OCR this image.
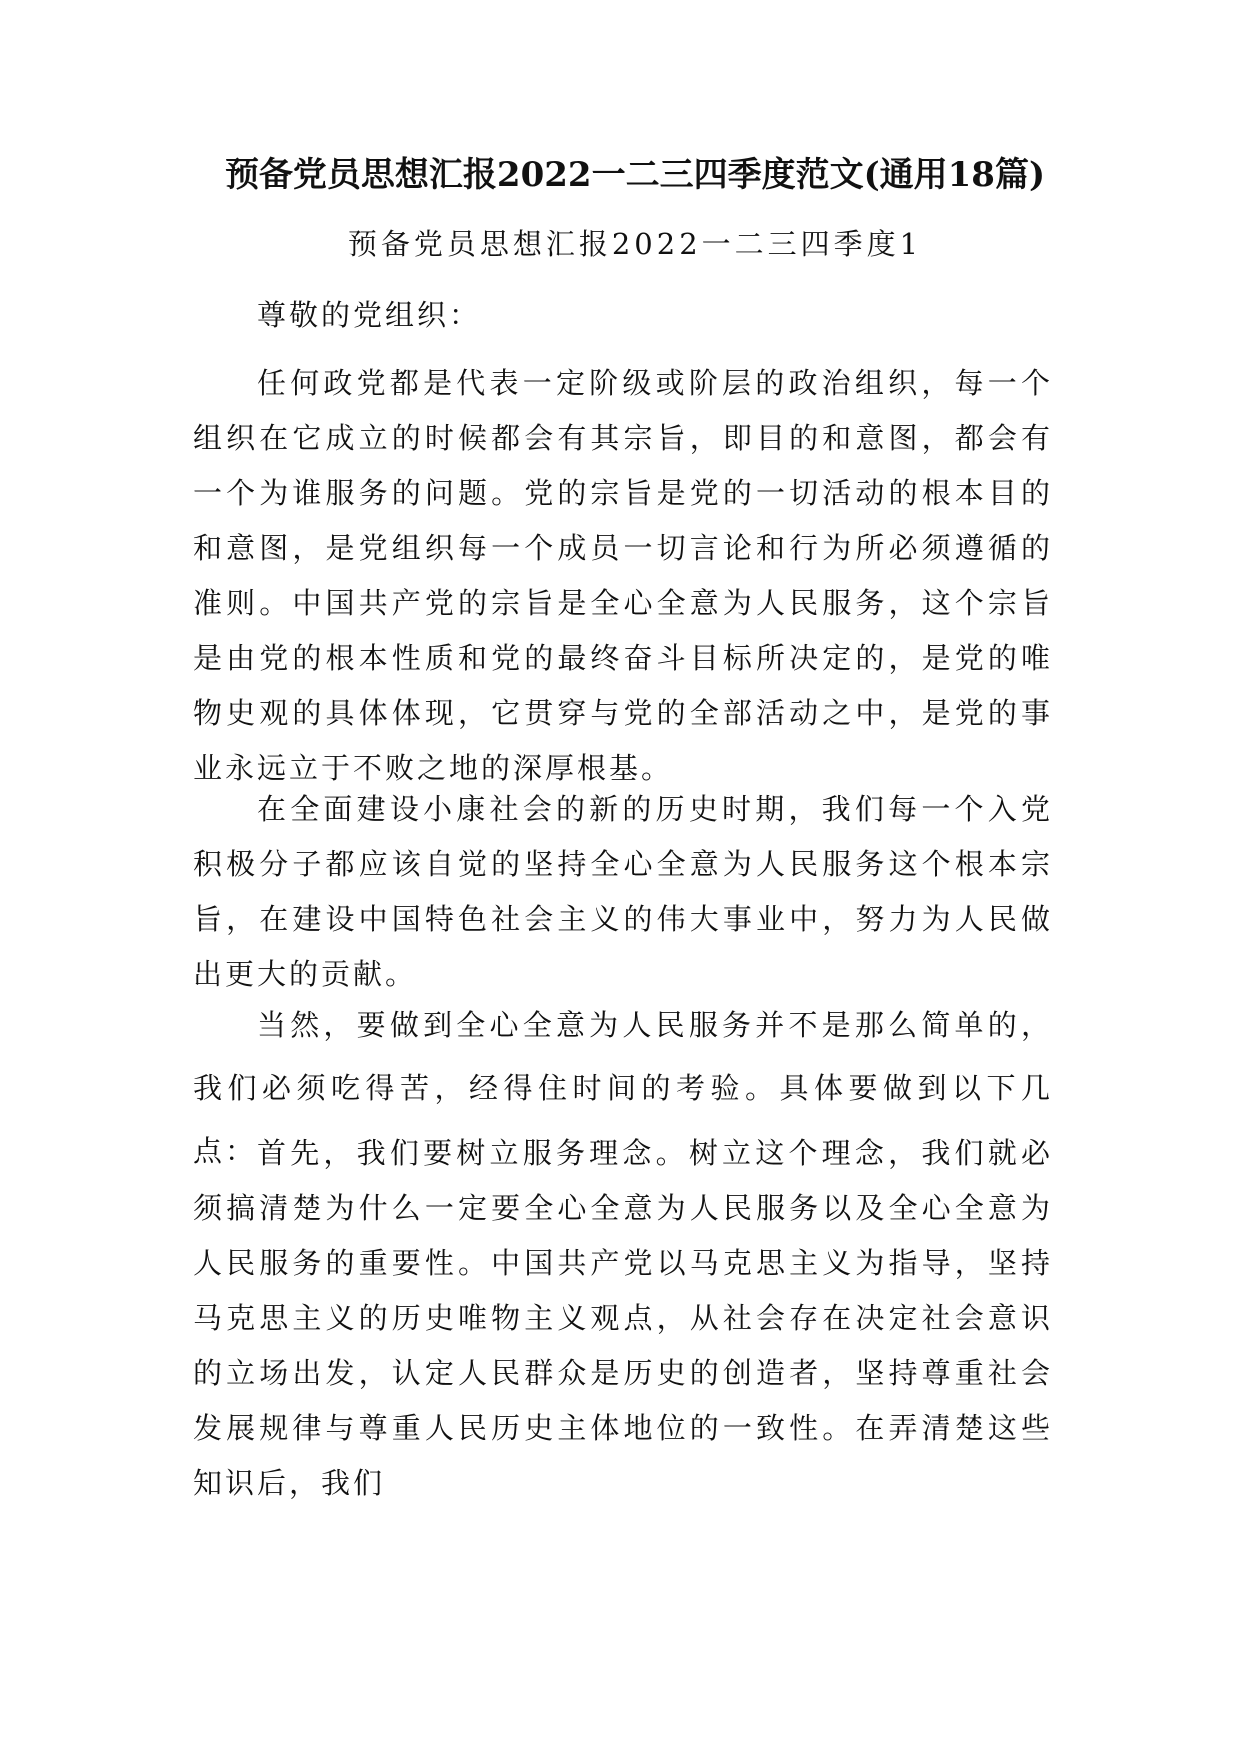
预备党员思想汇报2022一二三四季度范文(通用18篇)
预备党员思想汇报2022一二三四季度1

尊敬的党组织：

任何政党都是代表一定阶级或阶层的政治组织，每一个组织在它成立的时候都会有其宗旨，即目的和意图，都会有一个为谁服务的问题。党的宗旨是党的一切活动的根本目的和意图，是党组织每一个成员一切言论和行为所必须遵循的准则。中国共产党的宗旨是全心全意为人民服务，这个宗旨是由党的根本性质和党的最终奋斗目标所决定的，是党的唯物史观的具体体现，它贯穿与党的全部活动之中，是党的事业永远立于不败之地的深厚根基。

在全面建设小康社会的新的历史时期，我们每一个入党积极分子都应该自觉的坚持全心全意为人民服务这个根本宗旨，在建设中国特色社会主义的伟大事业中，努力为人民做出更大的贡献。

当然，要做到全心全意为人民服务并不是那么简单的，我们必须吃得苦，经得住时间的考验。具体要做到以下几点： 首先，我们要树立服务理念。树立这个理念，我们就必须搞清楚为什么一定要全心全意为人民服务以及全心全意为人民服务的重要性。中国共产党以马克思主义为指导，坚持马克思主义的历史唯物主义观点，从社会存在决定社会意识的立场出发，认定人民群众是历史的创造者，坚持尊重社会发展规律与尊重人民历史主体地位的一致性。在弄清楚这些知识后，我们
